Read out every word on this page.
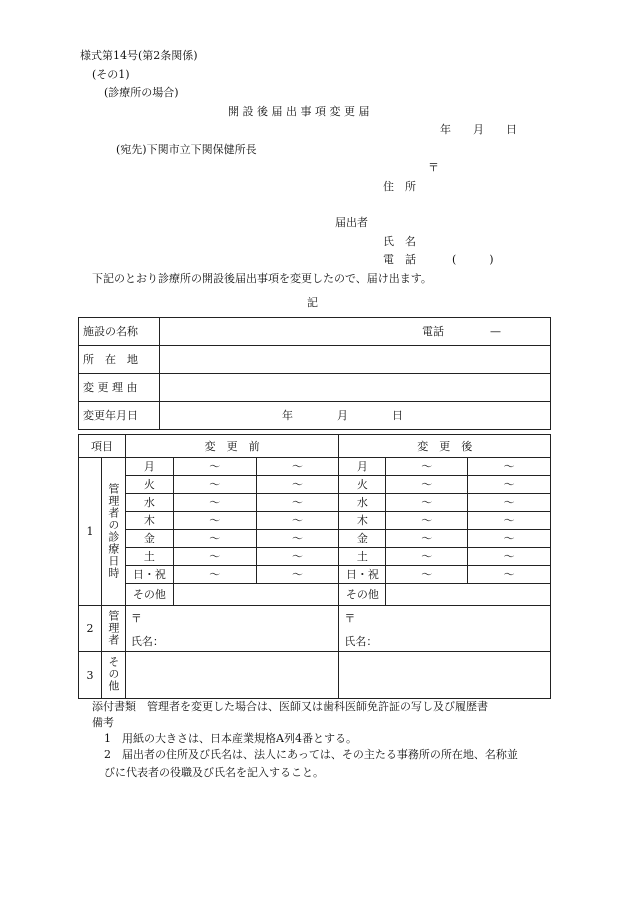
様式第14号(第2条関係)
(その1)
(診療所の場合)
開 設 後 届 出 事 項 変 更 届
年　　月　　日
(宛先)下関市立下関保健所長
〒
住　所
届出者
氏　名
電　話	(　　　)
下記のとおり診療所の開設後届出事項を変更したので、届け出ます。
記
施設の名称	電話 —

所　在　地	
変 更 理 由	
変更年月日	年　　　　月　　　　日
項目		変　更　前			変　更　後		
1	管理者の診療日時	月	〜	〜	月	〜	〜
		火	〜	〜	火	〜	〜
		水	〜	〜	水	〜	〜
		木	〜	〜	木	〜	〜
		金	〜	〜	金	〜	〜
		土	〜	〜	土	〜	〜
		日・祝	〜	〜	日・祝	〜	〜
		その他			その他		
2	管理者	〒			〒		
		氏名：			氏名：		
3	その他						
添付書類　管理者を変更した場合は、医師又は歯科医師免許証の写し及び履歴書
備考
1　用紙の大きさは、日本産業規格A列4番とする。
2　届出者の住所及び氏名は、法人にあっては、その主たる事務所の所在地、名称並
びに代表者の役職及び氏名を記入すること。
